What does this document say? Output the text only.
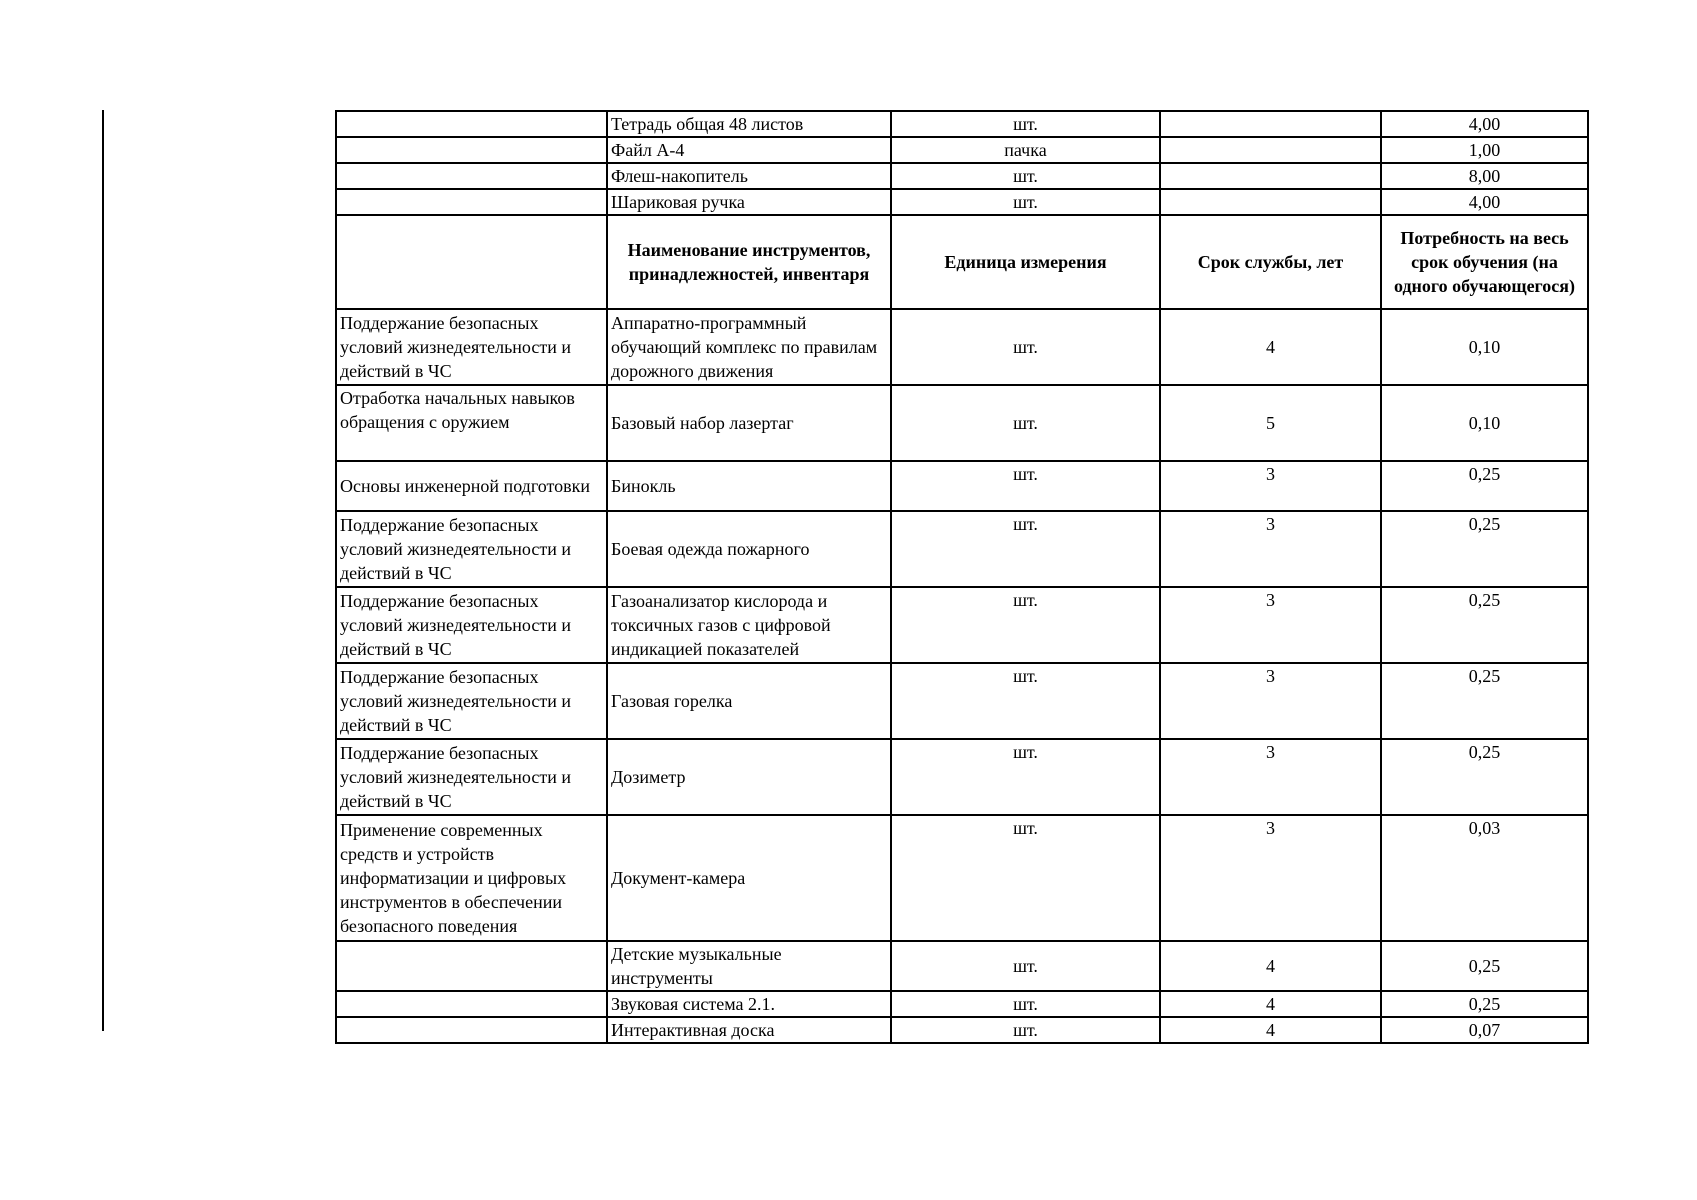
	Тетрадь общая 48 листов	шт.		4,00
	Файл А-4	пачка		1,00
	Флеш-накопитель	шт.		8,00
	Шариковая ручка	шт.		4,00
	Наименование инструментов, принадлежностей, инвентаря	Единица измерения	Срок службы, лет	Потребность на весь срок обучения (на одного обучающегося)
Поддержание безопасных условий жизнедеятельности и действий в ЧС	Аппаратно-программный обучающий комплекс по правилам дорожного движения	шт.	4	0,10
Отработка начальных навыков обращения с оружием	Базовый набор лазертаг	шт.	5	0,10
Основы инженерной подготовки	Бинокль	шт.	3	0,25
Поддержание безопасных условий жизнедеятельности и действий в ЧС	Боевая одежда пожарного	шт.	3	0,25
Поддержание безопасных условий жизнедеятельности и действий в ЧС	Газоанализатор кислорода и токсичных газов с цифровой индикацией показателей	шт.	3	0,25
Поддержание безопасных условий жизнедеятельности и действий в ЧС	Газовая горелка	шт.	3	0,25
Поддержание безопасных условий жизнедеятельности и действий в ЧС	Дозиметр	шт.	3	0,25
Применение современных средств и устройств информатизации и цифровых инструментов в обеспечении безопасного поведения	Документ-камера	шт.	3	0,03
	Детские музыкальные инструменты	шт.	4	0,25
	Звуковая система 2.1.	шт.	4	0,25
	Интерактивная доска	шт.	4	0,07
